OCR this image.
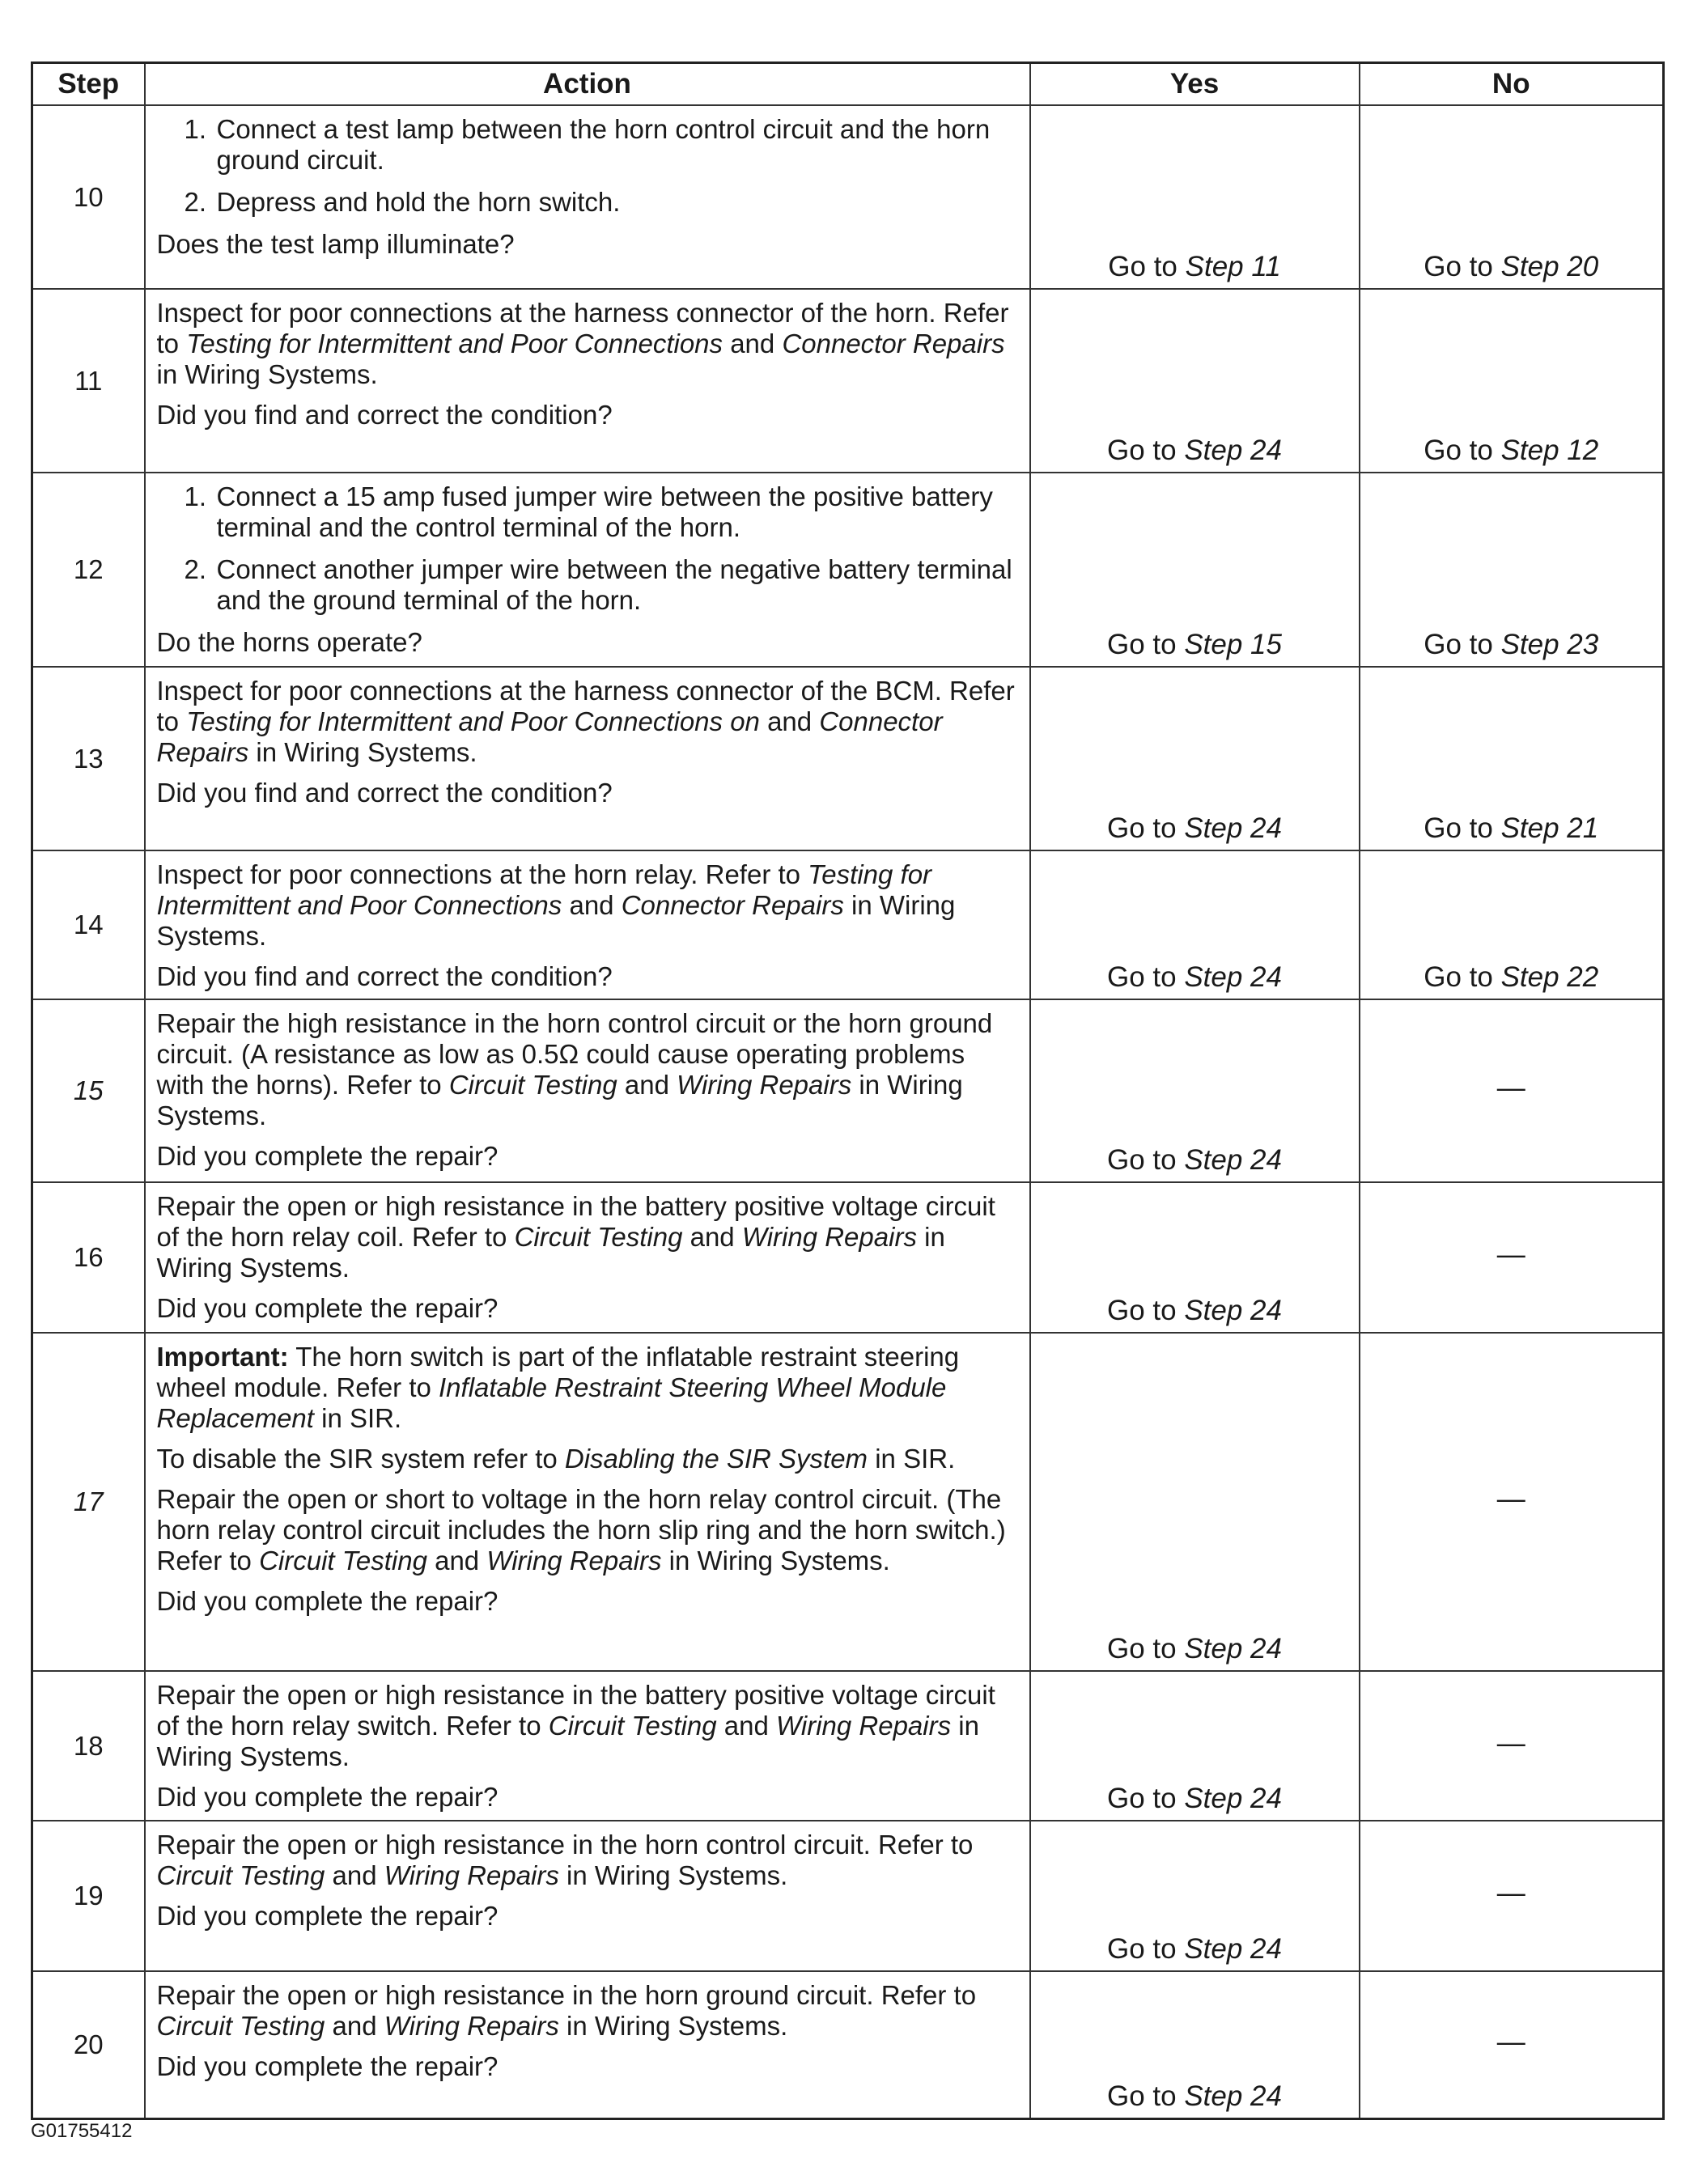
Step	Action	Yes	No
10	1. Connect a test lamp between the horn control circuit and the horn ground circuit.
2. Depress and hold the horn switch.
Does the test lamp illuminate?	Go to Step 11	Go to Step 20
11	Inspect for poor connections at the harness connector of the horn. Refer to Testing for Intermittent and Poor Connections and Connector Repairs in Wiring Systems.
Did you find and correct the condition?	Go to Step 24	Go to Step 12
12	1. Connect a 15 amp fused jumper wire between the positive battery terminal and the control terminal of the horn.
2. Connect another jumper wire between the negative battery terminal and the ground terminal of the horn.
Do the horns operate?	Go to Step 15	Go to Step 23
13	Inspect for poor connections at the harness connector of the BCM. Refer to Testing for Intermittent and Poor Connections on and Connector Repairs in Wiring Systems.
Did you find and correct the condition?	Go to Step 24	Go to Step 21
14	Inspect for poor connections at the horn relay. Refer to Testing for Intermittent and Poor Connections and Connector Repairs in Wiring Systems.
Did you find and correct the condition?	Go to Step 24	Go to Step 22
15	Repair the high resistance in the horn control circuit or the horn ground circuit. (A resistance as low as 0.5Ω could cause operating problems with the horns). Refer to Circuit Testing and Wiring Repairs in Wiring Systems.
Did you complete the repair?	Go to Step 24	—
16	Repair the open or high resistance in the battery positive voltage circuit of the horn relay coil. Refer to Circuit Testing and Wiring Repairs in Wiring Systems.
Did you complete the repair?	Go to Step 24	—
17	Important: The horn switch is part of the inflatable restraint steering wheel module. Refer to Inflatable Restraint Steering Wheel Module Replacement in SIR.
To disable the SIR system refer to Disabling the SIR System in SIR.
Repair the open or short to voltage in the horn relay control circuit. (The horn relay control circuit includes the horn slip ring and the horn switch.) Refer to Circuit Testing and Wiring Repairs in Wiring Systems.
Did you complete the repair?	Go to Step 24	—
18	Repair the open or high resistance in the battery positive voltage circuit of the horn relay switch. Refer to Circuit Testing and Wiring Repairs in Wiring Systems.
Did you complete the repair?	Go to Step 24	—
19	Repair the open or high resistance in the horn control circuit. Refer to Circuit Testing and Wiring Repairs in Wiring Systems.
Did you complete the repair?	Go to Step 24	—
20	Repair the open or high resistance in the horn ground circuit. Refer to Circuit Testing and Wiring Repairs in Wiring Systems.
Did you complete the repair?	Go to Step 24	—
G01755412
